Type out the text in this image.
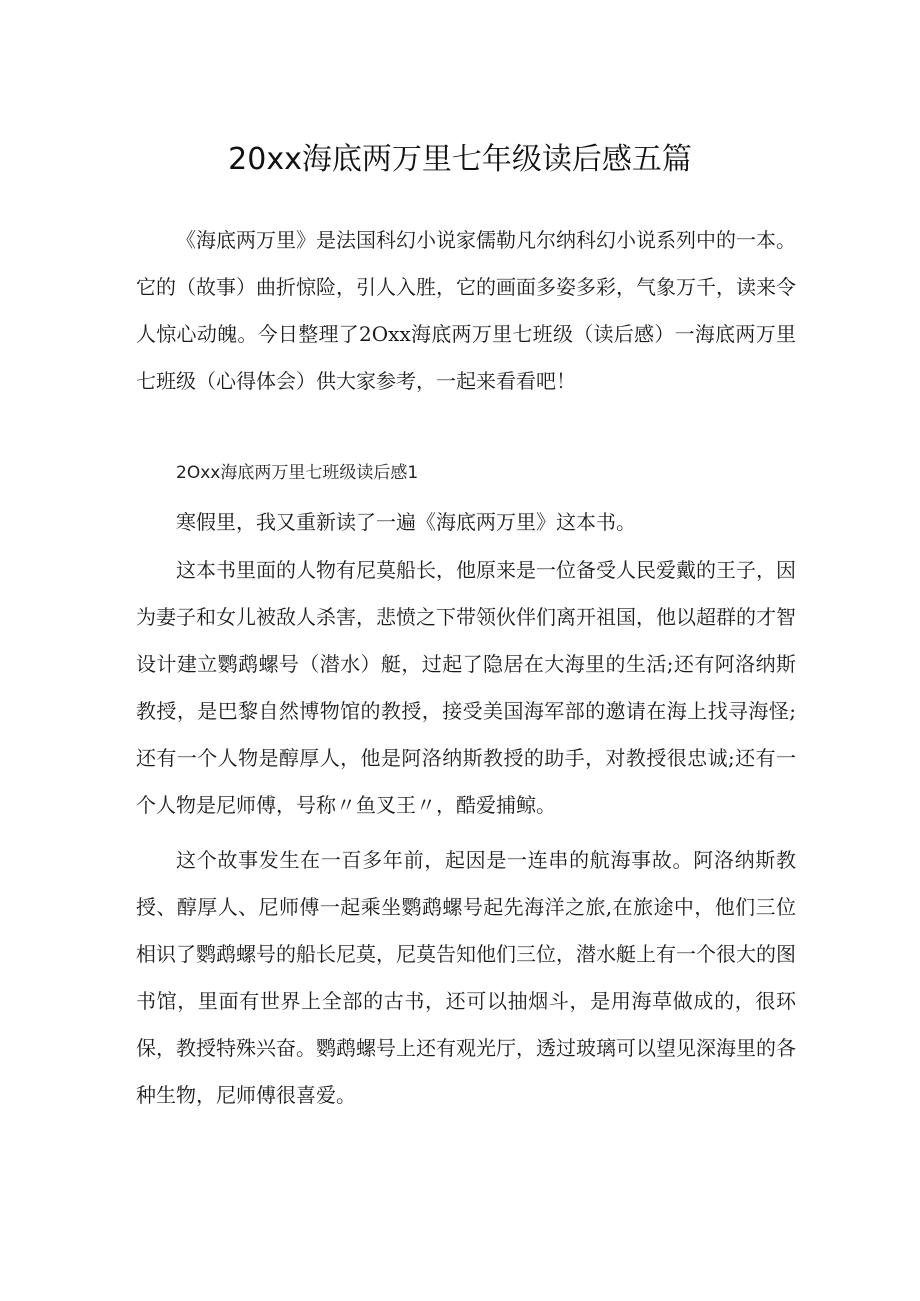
20xx海底两万里七年级读后感五篇

《海底两万里》是法国科幻小说家儒勒凡尔纳科幻小说系列中的一本。它的（故事）曲折惊险，引人入胜，它的画面多姿多彩，气象万千，读来令人惊心动魄。今日整理了2Oxx海底两万里七班级（读后感）一海底两万里七班级（心得体会）供大家参考，一起来看看吧！

2Oxx海底两万里七班级读后感1

寒假里，我又重新读了一遍《海底两万里》这本书。

这本书里面的人物有尼莫船长，他原来是一位备受人民爱戴的王子，因为妻子和女儿被敌人杀害，悲愤之下带领伙伴们离开祖国，他以超群的才智设计建立鹦鹉螺号（潜水）艇，过起了隐居在大海里的生活;还有阿洛纳斯教授，是巴黎自然博物馆的教授，接受美国海军部的邀请在海上找寻海怪;还有一个人物是醇厚人，他是阿洛纳斯教授的助手，对教授很忠诚;还有一个人物是尼师傅，号称〃鱼叉王〃，酷爱捕鲸。

这个故事发生在一百多年前，起因是一连串的航海事故。阿洛纳斯教授、醇厚人、尼师傅一起乘坐鹦鹉螺号起先海洋之旅,在旅途中，他们三位相识了鹦鹉螺号的船长尼莫，尼莫告知他们三位，潜水艇上有一个很大的图书馆，里面有世界上全部的古书，还可以抽烟斗，是用海草做成的，很环保，教授特殊兴奋。鹦鹉螺号上还有观光厅，透过玻璃可以望见深海里的各种生物，尼师傅很喜爱。
